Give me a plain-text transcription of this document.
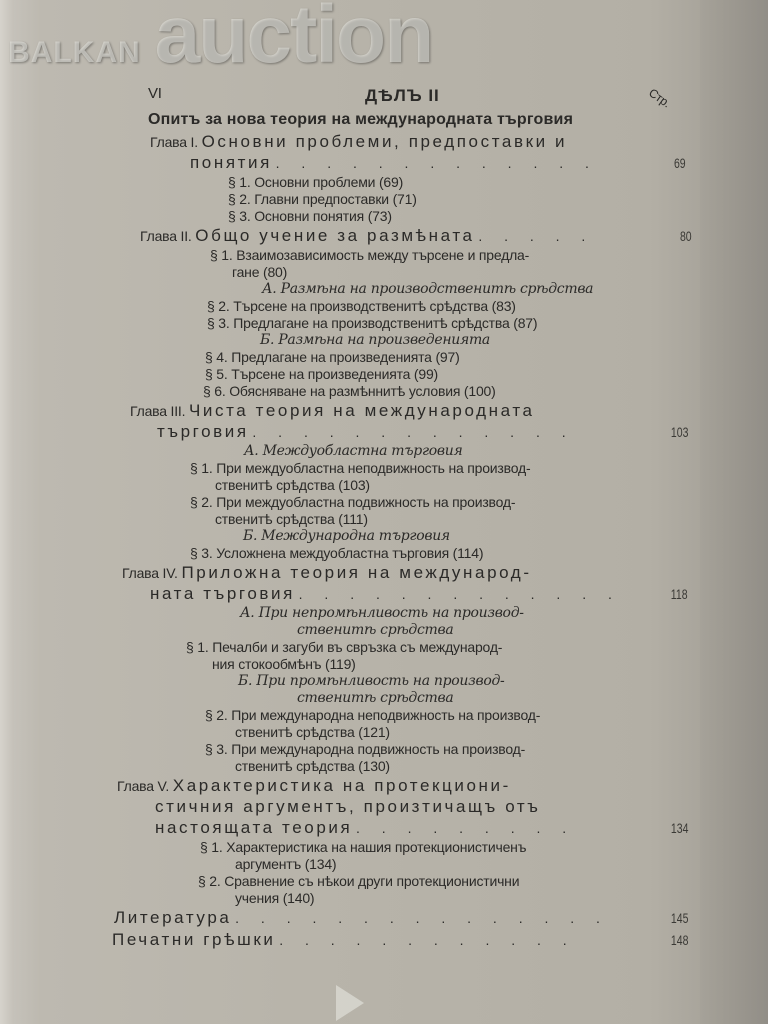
BALKAN auction
VI	ДѢЛЪ II	Стр.
Опитъ за нова теория на международната търговия
Глава I. Основни проблеми, предпоставки и
понятия . . . . . . . . . . . . .	69
§ 1. Основни проблеми (69)
§ 2. Главни предпоставки (71)
§ 3. Основни понятия (73)
Глава II. Общо учение за размѣната . . . . .	80
§ 1. Взаимозависимость между търсене и предла-
гане (80)
А. Размѣна на производственитѣ срѣдства
§ 2. Търсене на производственитѣ срѣдства (83)
§ 3. Предлагане на производственитѣ срѣдства (87)
Б. Размѣна на произведенията
§ 4. Предлагане на произведенията (97)
§ 5. Търсене на произведенията (99)
§ 6. Обясняване на размѣннитѣ условия (100)
Глава III. Чиста теория на международната
търговия . . . . . . . . . . . . .	103
А. Междуобластна търговия
§ 1. При междуобластна неподвижность на производ-
ственитѣ срѣдства (103)
§ 2. При междуобластна подвижность на производ-
ственитѣ срѣдства (111)
Б. Международна търговия
§ 3. Усложнена междуобластна търговия (114)
Глава IV. Приложна теория на международ-
ната търговия . . . . . . . . . . . . .	118
А. При непромѣнливость на производ-
ственитѣ срѣдства
§ 1. Печалби и загуби въ свръзка съ международ-
ния стокообмѣнъ (119)
Б. При промѣнливость на производ-
ственитѣ срѣдства
§ 2. При международна неподвижность на производ-
ственитѣ срѣдства (121)
§ 3. При международна подвижность на производ-
ственитѣ срѣдства (130)
Глава V. Характеристика на протекциони-
стичния аргументъ, произтичащъ отъ
настоящата теория . . . . . . . . .	134
§ 1. Характеристика на нашия протекционистиченъ
аргументъ (134)
§ 2. Сравнение съ нѣкои други протекционистични
учения (140)
Литература . . . . . . . . . . . . . . .	145
Печатни грѣшки . . . . . . . . . . . .	148
